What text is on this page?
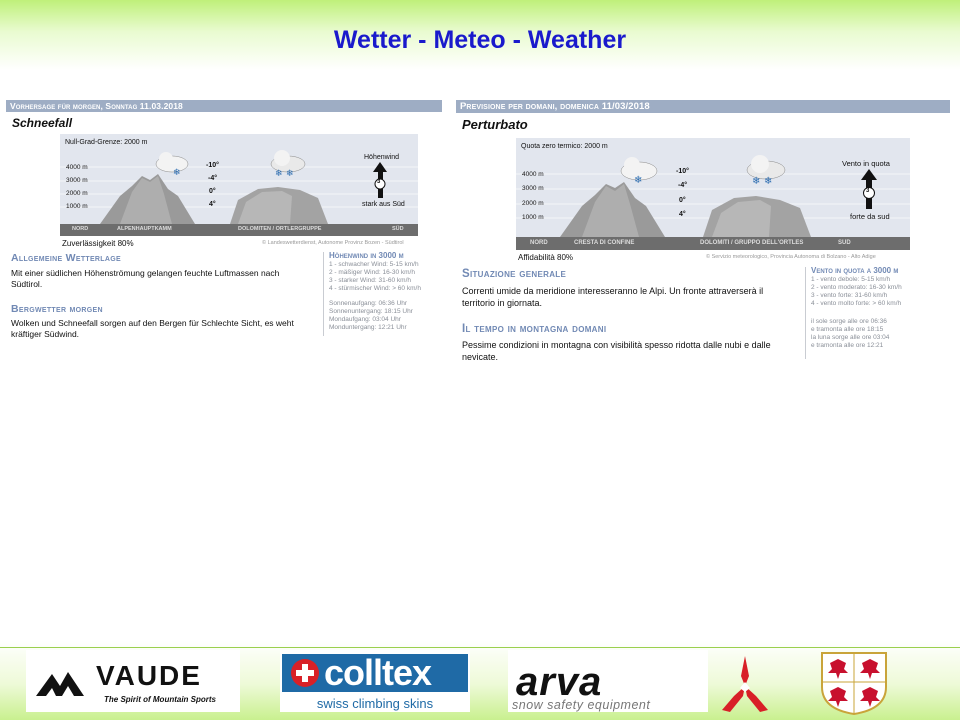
Wetter - Meteo - Weather
Vorhersage für morgen, Sonntag 11.03.2018
Schneefall
❄	❄ ❄
Null-Grad-Grenze: 2000 m
4000 m
3000 m
2000 m
1000 m
-10°
-4°
0°
4°
Höhenwind
3
stark aus Süd
NORD	ALPENHAUPTKAMM	DOLOMITEN / ORTLERGRUPPE	SÜD
Zuverlässigkeit 80%	© Landeswetterdienst, Autonome Provinz Bozen - Südtirol
Allgemeine Wetterlage
Mit einer südlichen Höhenströmung gelangen feuchte Luftmassen nach Südtirol.
Bergwetter morgen
Wolken und Schneefall sorgen auf den Bergen für Schlechte Sicht, es weht kräftiger Südwind.
Höhenwind in 3000 m
1 - schwacher Wind: 5-15 km/h
2 - mäßiger Wind: 16-30 km/h
3 - starker Wind: 31-60 km/h
4 - stürmischer Wind: > 60 km/h
Sonnenaufgang: 06:36 Uhr
Sonnenuntergang: 18:15 Uhr
Mondaufgang: 03:04 Uhr
Monduntergang: 12:21 Uhr
Previsione per domani, domenica 11/03/2018
Perturbato
❄	❄ ❄
Quota zero termico: 2000 m
4000 m
3000 m
2000 m
1000 m
-10°
-4°
0°
4°
Vento in quota
3
forte da sud
NORD	CRESTA DI CONFINE	DOLOMITI / GRUPPO DELL'ORTLES	SUD
Affidabilità 80%	© Servizio meteorologico, Provincia Autonoma di Bolzano - Alto Adige
Situazione generale
Correnti umide da meridione interesseranno le Alpi. Un fronte attraverserà il territorio in giornata.
Il tempo in montagna domani
Pessime condizioni in montagna con visibilità spesso ridotta dalle nubi e dalle nevicate.
Vento in quota a 3000 m
1 - vento debole: 5-15 km/h
2 - vento moderato: 16-30 km/h
3 - vento forte: 31-60 km/h
4 - vento molto forte: > 60 km/h
il sole sorge alle ore 06:36
e tramonta alle ore 18:15
la luna sorge alle ore 03:04
e tramonta alle ore 12:21
VAUDE
The Spirit of Mountain Sports
colltex
swiss climbing skins	arva
snow safety equipment
